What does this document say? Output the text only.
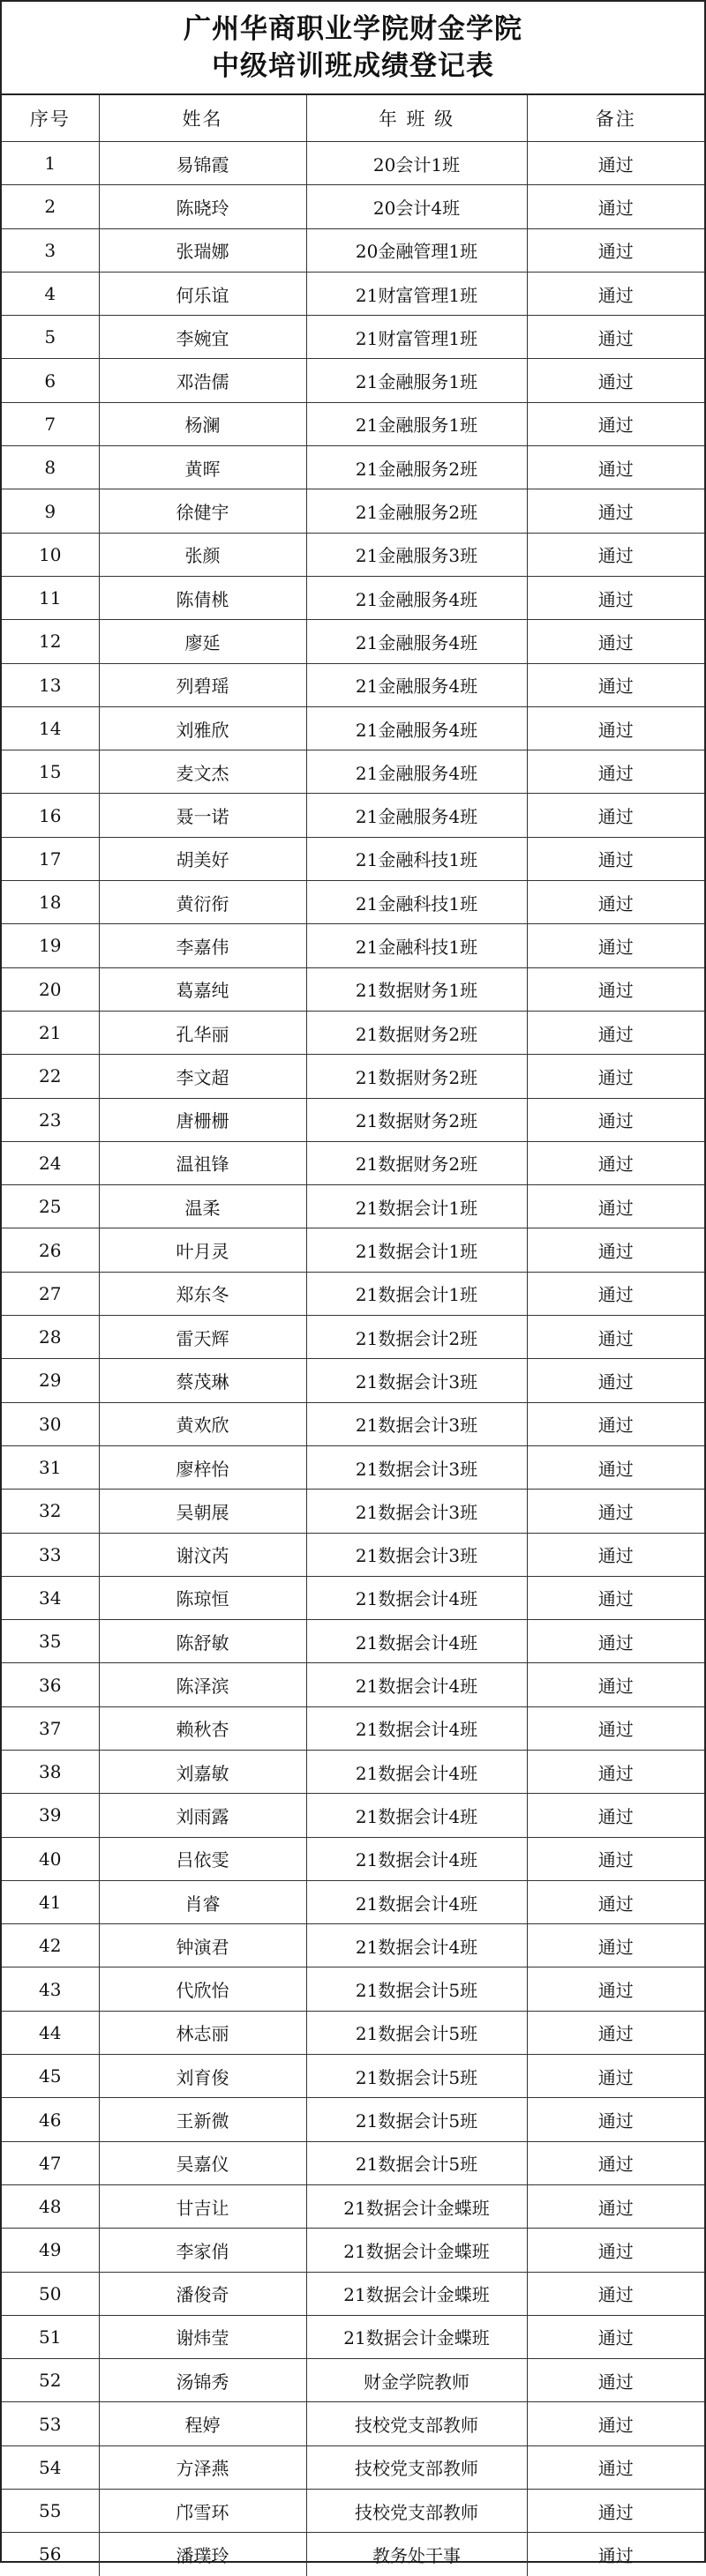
广州华商职业学院财金学院
中级培训班成绩登记表
序号	姓名	年 班 级	备注
1	易锦霞	20会计1班	通过
2	陈晓玲	20会计4班	通过
3	张瑞娜	20金融管理1班	通过
4	何乐谊	21财富管理1班	通过
5	李婉宜	21财富管理1班	通过
6	邓浩儒	21金融服务1班	通过
7	杨澜	21金融服务1班	通过
8	黄晖	21金融服务2班	通过
9	徐健宇	21金融服务2班	通过
10	张颜	21金融服务3班	通过
11	陈倩桃	21金融服务4班	通过
12	廖延	21金融服务4班	通过
13	列碧瑶	21金融服务4班	通过
14	刘雅欣	21金融服务4班	通过
15	麦文杰	21金融服务4班	通过
16	聂一诺	21金融服务4班	通过
17	胡美好	21金融科技1班	通过
18	黄衍衔	21金融科技1班	通过
19	李嘉伟	21金融科技1班	通过
20	葛嘉纯	21数据财务1班	通过
21	孔华丽	21数据财务2班	通过
22	李文超	21数据财务2班	通过
23	唐栅栅	21数据财务2班	通过
24	温祖锋	21数据财务2班	通过
25	温柔	21数据会计1班	通过
26	叶月灵	21数据会计1班	通过
27	郑东冬	21数据会计1班	通过
28	雷天辉	21数据会计2班	通过
29	蔡茂琳	21数据会计3班	通过
30	黄欢欣	21数据会计3班	通过
31	廖梓怡	21数据会计3班	通过
32	吴朝展	21数据会计3班	通过
33	谢汶芮	21数据会计3班	通过
34	陈琼恒	21数据会计4班	通过
35	陈舒敏	21数据会计4班	通过
36	陈泽滨	21数据会计4班	通过
37	赖秋杏	21数据会计4班	通过
38	刘嘉敏	21数据会计4班	通过
39	刘雨露	21数据会计4班	通过
40	吕依雯	21数据会计4班	通过
41	肖睿	21数据会计4班	通过
42	钟演君	21数据会计4班	通过
43	代欣怡	21数据会计5班	通过
44	林志丽	21数据会计5班	通过
45	刘育俊	21数据会计5班	通过
46	王新微	21数据会计5班	通过
47	吴嘉仪	21数据会计5班	通过
48	甘吉让	21数据会计金蝶班	通过
49	李家俏	21数据会计金蝶班	通过
50	潘俊奇	21数据会计金蝶班	通过
51	谢炜莹	21数据会计金蝶班	通过
52	汤锦秀	财金学院教师	通过
53	程婷	技校党支部教师	通过
54	方泽燕	技校党支部教师	通过
55	邝雪环	技校党支部教师	通过
56	潘璞玲	教务处干事	通过
